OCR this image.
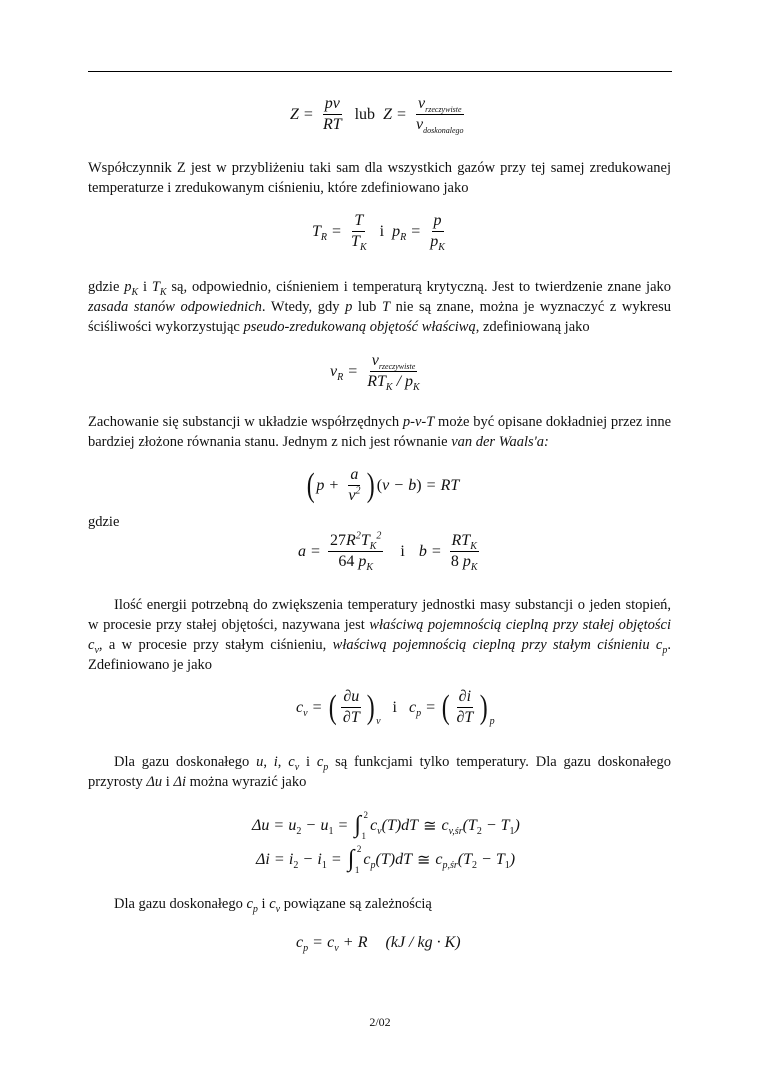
$Z = \frac{pv}{RT}$ lub $Z = \frac{v_{rzeczywiste}}{v_{doskonalego}}$

Współczynnik Z jest w przybliżeniu taki sam dla wszystkich gazów przy tej samej zredukowanej temperaturze i zredukowanym ciśnieniu, które zdefiniowano jako

$T_R = \frac{T}{T_K}$ i $p_R = \frac{p}{p_K}$

gdzie $p_K$ i $T_K$ są, odpowiednio, ciśnieniem i temperaturą krytyczną. Jest to twierdzenie znane jako zasada stanów odpowiednich. Wtedy, gdy p lub T nie są znane, można je wyznaczyć z wykresu ściśliwości wykorzystując pseudo-zredukowaną objętość właściwą, zdefiniowaną jako

$v_R = \frac{v_{rzeczywiste}}{RT_K / p_K}$

Zachowanie się substancji w układzie współrzędnych p-v-T może być opisane dokładniej przez inne bardziej złożone równania stanu. Jednym z nich jest równanie van der Waals'a:

( $p + \frac{a}{v^2}$ ) ( v − b ) = RT

gdzie

$a = \frac{27R^2T_K^2}{64 p_K}$ i $b = \frac{RT_K}{8 p_K}$

Ilość energii potrzebną do zwiększenia temperatury jednostki masy substancji o jeden stopień, w procesie przy stałej objętości, nazywana jest właściwą pojemnością cieplną przy stałej objętości $c_v$, a w procesie przy stałym ciśnieniu, właściwą pojemnością cieplną przy stałym ciśnieniu $c_p$. Zdefiniowano je jako

$c_v$ = ( $\frac{\partial u}{\partial T}$ ) v
i $c_p$ = ( $\frac{\partial i}{\partial T}$ ) p

Dla gazu doskonałego u, i, $c_v$ i $c_p$ są funkcjami tylko temperatury. Dla gazu doskonałego przyrosty Δu i Δi można wyrazić jako

$\Delta u = u_2 - u_1$ = ∫ 2
1
$c_v(T)dT$ ≅ $c_{v,śr}(T_2 - T_1)$
$\Delta i = i_2 - i_1$ = ∫ 2
1
$c_p(T)dT$ ≅ $c_{p,śr}(T_2 - T_1)$

Dla gazu doskonałego $c_p$ i $c_v$ powiązane są zależnością

$c_p = c_v + R$ (kJ / kg · K)
2/02
